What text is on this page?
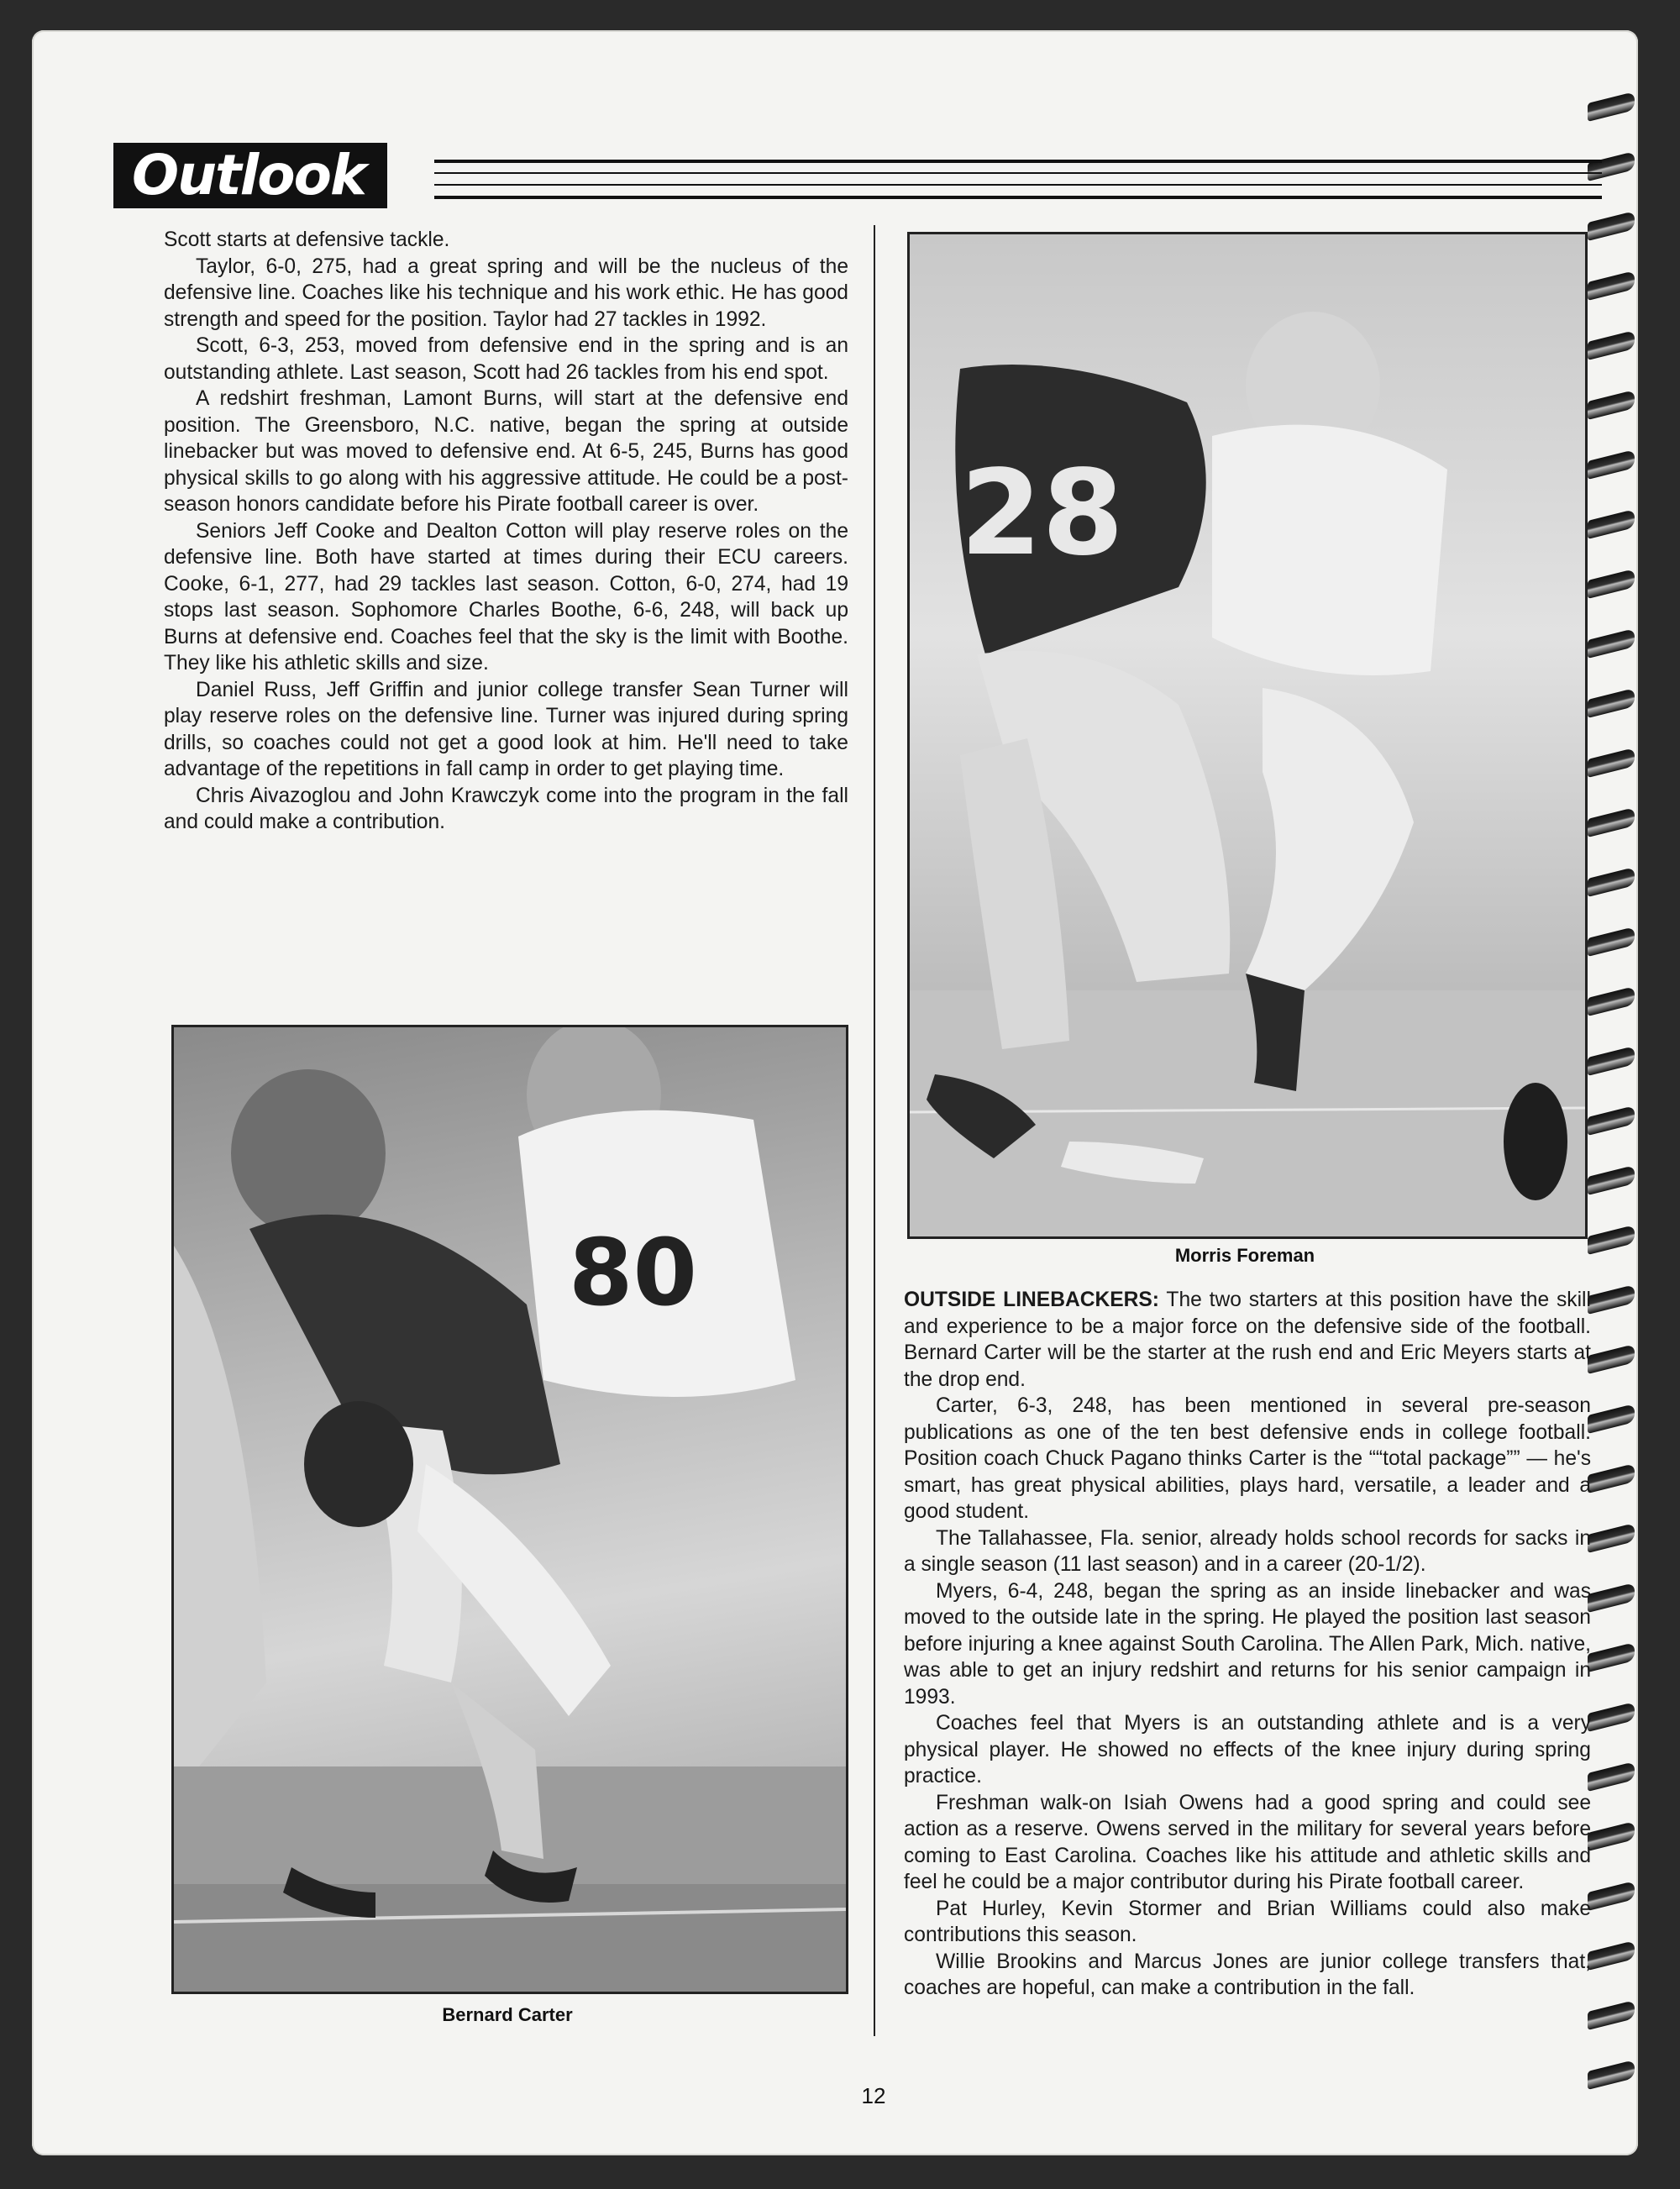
Outlook

Scott starts at defensive tackle.

Taylor, 6-0, 275, had a great spring and will be the nucleus of the defensive line. Coaches like his technique and his work ethic. He has good strength and speed for the position. Taylor had 27 tackles in 1992.

Scott, 6-3, 253, moved from defensive end in the spring and is an outstanding athlete. Last season, Scott had 26 tackles from his end spot.

A redshirt freshman, Lamont Burns, will start at the defensive end position. The Greensboro, N.C. native, began the spring at outside linebacker but was moved to defensive end. At 6-5, 245, Burns has good physical skills to go along with his aggressive attitude. He could be a post-season honors candidate before his Pirate football career is over.

Seniors Jeff Cooke and Dealton Cotton will play reserve roles on the defensive line. Both have started at times during their ECU careers. Cooke, 6-1, 277, had 29 tackles last season. Cotton, 6-0, 274, had 19 stops last season. Sophomore Charles Boothe, 6-6, 248, will back up Burns at defensive end. Coaches feel that the sky is the limit with Boothe. They like his athletic skills and size.

Daniel Russ, Jeff Griffin and junior college transfer Sean Turner will play reserve roles on the defensive line. Turner was injured during spring drills, so coaches could not get a good look at him. He'll need to take advantage of the repetitions in fall camp in order to get playing time.

Chris Aivazoglou and John Krawczyk come into the program in the fall and could make a contribution.

80
Bernard Carter
28
Morris Foreman

OUTSIDE LINEBACKERS: The two starters at this position have the skill and experience to be a major force on the defensive side of the football. Bernard Carter will be the starter at the rush end and Eric Meyers starts at the drop end.

Carter, 6-3, 248, has been mentioned in several pre-season publications as one of the ten best defensive ends in college football. Position coach Chuck Pagano thinks Carter is the ““total package”” — he's smart, has great physical abilities, plays hard, versatile, a leader and a good student.

The Tallahassee, Fla. senior, already holds school records for sacks in a single season (11 last season) and in a career (20-1/2).

Myers, 6-4, 248, began the spring as an inside linebacker and was moved to the outside late in the spring. He played the position last season before injuring a knee against South Carolina. The Allen Park, Mich. native, was able to get an injury redshirt and returns for his senior campaign in 1993.

Coaches feel that Myers is an outstanding athlete and is a very physical player. He showed no effects of the knee injury during spring practice.

Freshman walk-on Isiah Owens had a good spring and could see action as a reserve. Owens served in the military for several years before coming to East Carolina. Coaches like his attitude and athletic skills and feel he could be a major contributor during his Pirate football career.

Pat Hurley, Kevin Stormer and Brian Williams could also make contributions this season.

Willie Brookins and Marcus Jones are junior college transfers that, coaches are hopeful, can make a contribution in the fall.

12
